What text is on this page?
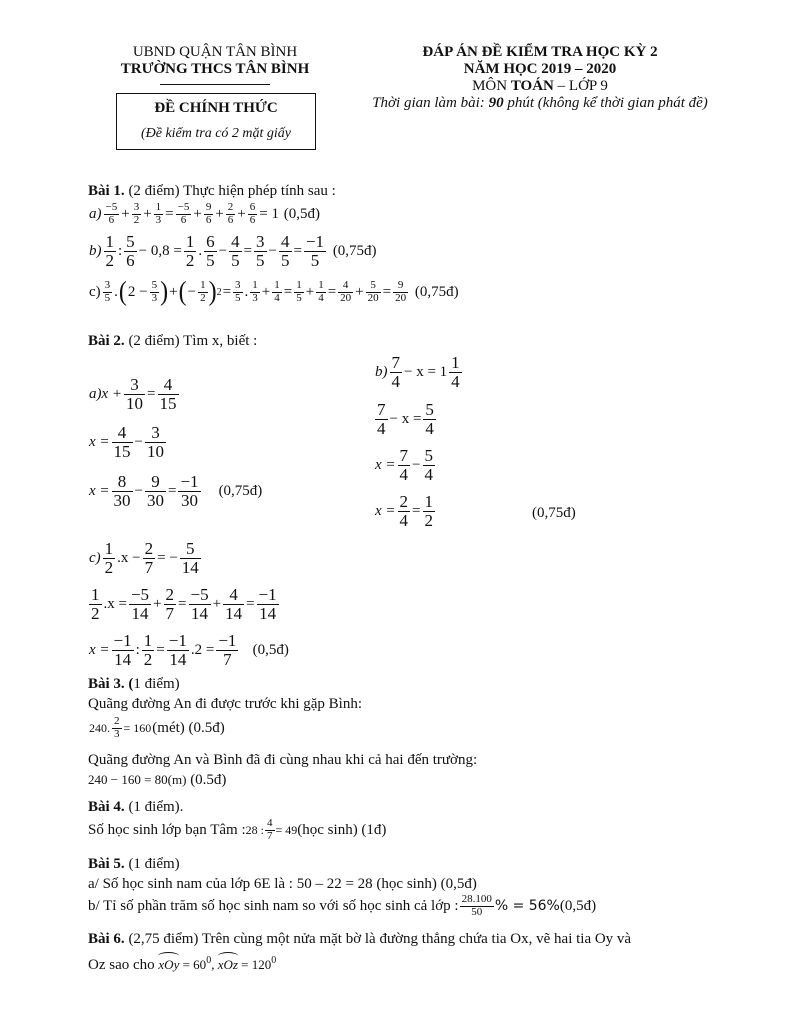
UBND QUẬN TÂN BÌNH
TRƯỜNG THCS TÂN BÌNH
ĐỀ CHÍNH THỨC
(Đề kiểm tra có 2 mặt giấy
ĐÁP ÁN ĐỀ KIỂM TRA HỌC KỲ 2
NĂM HỌC 2019 – 2020
MÔN TOÁN – LỚP 9
Thời gian làm bài: 90 phút (không kể thời gian phát đề)
Bài 1. (2 điểm) Thực hiện phép tính sau :
$a) \frac{-5}{6} + \frac{3}{2} + \frac{1}{3} = \frac{-5}{6} + \frac{9}{6} + \frac{2}{6} + \frac{6}{6} = 1$ (0,5đ)
$b) \frac{1}{2}$ : $\frac{5}{6} - 0,8 = \frac{1}{2}$ . $\frac{6}{5} - \frac{4}{5} = \frac{3}{5} - \frac{4}{5} = \frac{-1}{5}$
(0,75đ)
$c) \frac{3}{5}$ . ( $2 - \frac{5}{3}$ ) + ( − $\frac{1}{2}$ ) $2 = \frac{3}{5}$ . $\frac{1}{3} + \frac{1}{4} = \frac{1}{5} + \frac{1}{4} = \frac{4}{20} + \frac{5}{20} = \frac{9}{20}$
(0,75đ)
Bài 2. (2 điểm) Tìm x, biết :
$a)x + \frac{3}{10} = \frac{4}{15}$
$x = \frac{4}{15} - \frac{3}{10}$
$x = \frac{8}{30} - \frac{9}{30} = \frac{-1}{30}$
(0,75đ)
$b) \frac{7}{4} - x = 1 \frac{1}{4}$
$\frac{7}{4} - x = \frac{5}{4}$
$x = \frac{7}{4} - \frac{5}{4}$
$x = \frac{2}{4} = \frac{1}{2}$	(0,75đ)
$c) \frac{1}{2} .x - \frac{2}{7}$ = − $\frac{5}{14}$
$\frac{1}{2} .x = \frac{-5}{14} + \frac{2}{7} = \frac{-5}{14} + \frac{4}{14} = \frac{-1}{14}$
$x = \frac{-1}{14}$ : $\frac{1}{2} = \frac{-1}{14} .2 = \frac{-1}{7}$
(0,5đ)
Bài 3. (1 điểm)
Quãng đường An đi được trước khi gặp Bình:
240. $\frac{2}{3} = 160$ (mét) (0.5đ)
Quãng đường An và Bình đã đi cùng nhau khi cả hai đến trường:
240 − 160 = 80(m) (0.5đ)
Bài 4. (1 điểm).
Số học sinh lớp bạn Tâm : 28 : $\frac{4}{7} = 49$ (học sinh) (1đ)
Bài 5. (1 điểm)
a/ Số học sinh nam của lớp 6E là : 50 – 22 = 28 (học sinh) (0,5đ)
b/ Tỉ số phần trăm số học sinh nam so với số học sinh cả lớp : $\frac{28.100}{50}$ % = 56% (0,5đ)
Bài 6. (2,75 điểm) Trên cùng một nửa mặt bờ là đường thẳng chứa tia Ox, vẽ hai tia Oy và
Oz sao cho xOy = $60^0$, xOz = $120^0$
